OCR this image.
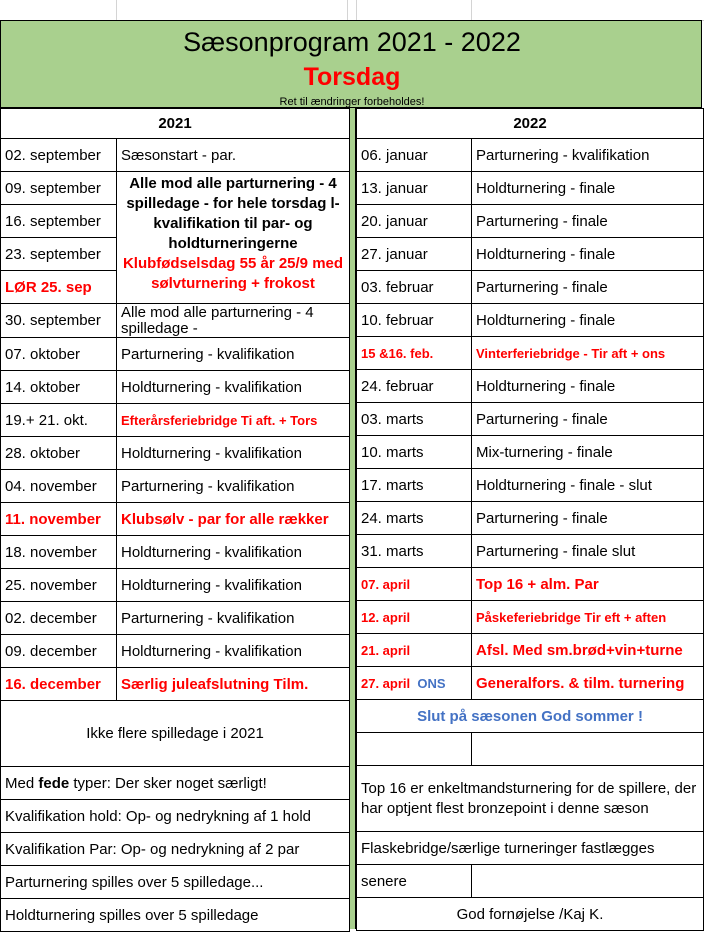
Sæsonprogram 2021 - 2022
Torsdag
Ret til ændringer forbeholdes!
2021	
02. september	Sæsonstart - par.
09. september	Alle mod alle parturnering - 4 spilledage - for hele torsdag l-kvalifikation til par- og holdturneringerne
Klubfødselsdag 55 år 25/9 med sølvturnering + frokost

16. september	
23. september	
LØR 25. sep	
30. september	Alle mod alle parturnering - 4 spilledage -
07. oktober	Parturnering - kvalifikation
14. oktober	Holdturnering - kvalifikation
19.+ 21. okt.	Efterårsferiebridge Ti aft. + Tors
28. oktober	Holdturnering - kvalifikation
04. november	Parturnering - kvalifikation
11. november	Klubsølv - par for alle rækker
18. november	Holdturnering - kvalifikation
25. november	Holdturnering - kvalifikation
02. december	Parturnering - kvalifikation
09. december	Holdturnering - kvalifikation
16. december	Særlig juleafslutning Tilm.
Ikke flere spilledage i 2021	
Med fede typer: Der sker noget særligt!	
Kvalifikation hold: Op- og nedrykning af 1 hold	
Kvalifikation Par: Op- og nedrykning af 2 par	
Parturnering spilles over 5 spilledage...	
Holdturnering spilles over 5 spilledage	
2022	
06. januar	Parturnering - kvalifikation
13. januar	Holdturnering - finale
20. januar	Parturnering - finale
27. januar	Holdturnering - finale
03. februar	Parturnering - finale
10. februar	Holdturnering - finale
15 &16. feb.	Vinterferiebridge - Tir aft + ons
24. februar	Holdturnering - finale
03. marts	Parturnering - finale
10. marts	Mix-turnering - finale
17. marts	Holdturnering - finale - slut
24. marts	Parturnering - finale
31. marts	Parturnering - finale slut
07. april	Top 16 + alm. Par
12. april	Påskeferiebridge Tir eft + aften
21. april	Afsl. Med sm.brød+vin+turne
27. april ONS	Generalfors. & tilm. turnering
Slut på sæsonen God sommer !	

Top 16 er enkeltmandsturnering for de spillere, der har optjent flest bronzepoint i denne sæson	
Flaskebridge/særlige turneringer fastlægges	
senere	
God fornøjelse /Kaj K.	
